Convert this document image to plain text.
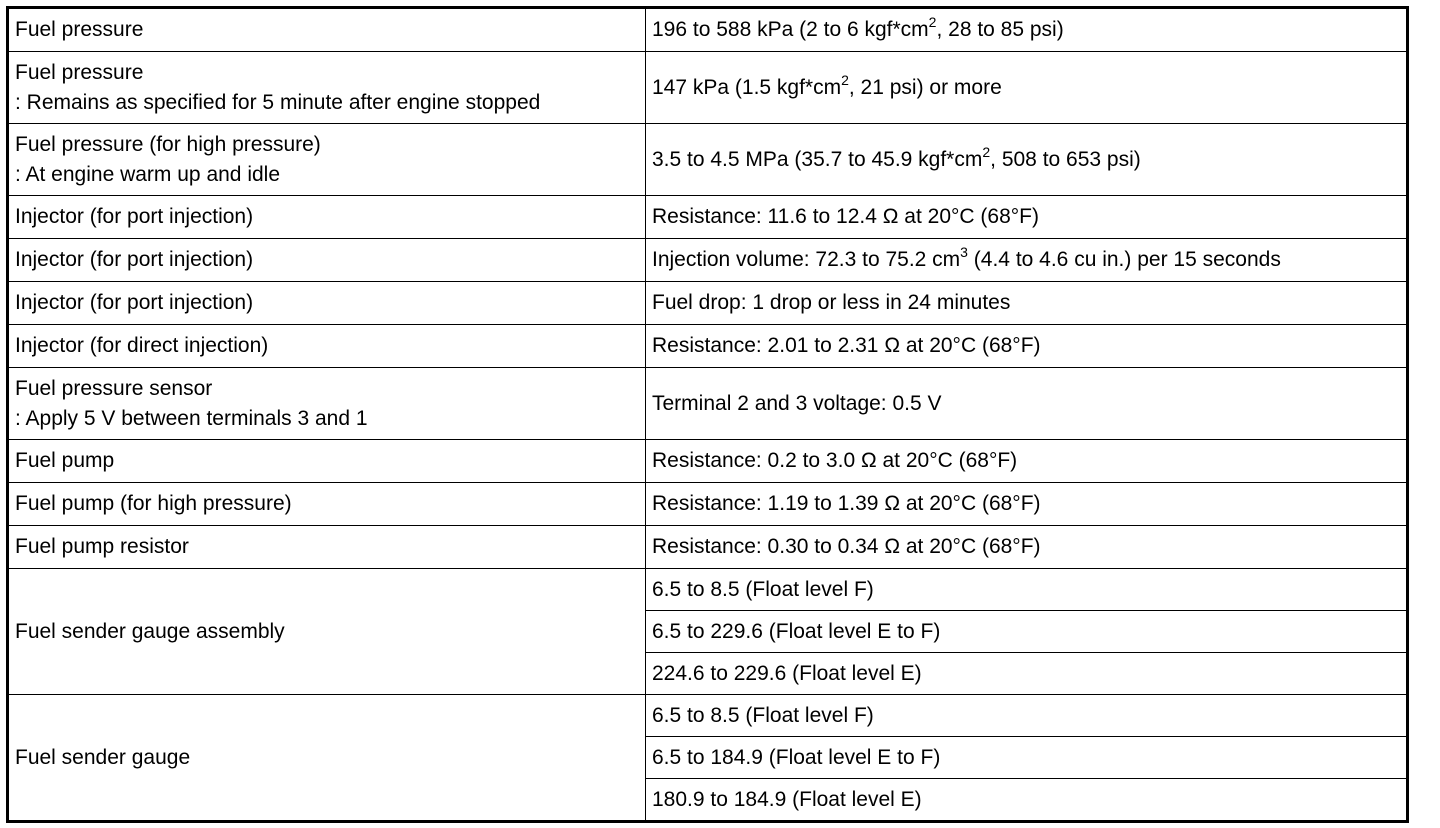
Fuel pressure	196 to 588 kPa (2 to 6 $kgf*cm^2$, 28 to 85 psi)

Fuel pressure
: Remains as specified for 5 minute after engine stopped	147 kPa (1.5 $kgf*cm^2$, 21 psi) or more

Fuel pressure (for high pressure)
: At engine warm up and idle	3.5 to 4.5 MPa (35.7 to 45.9 $kgf*cm^2$, 508 to 653 psi)
Injector (for port injection)	Resistance: 11.6 to 12.4 Ω at 20°C (68°F)
Injector (for port injection)	Injection volume: 72.3 to 75.2 $cm^3$ (4.4 to 4.6 cu in.) per 15 seconds
Injector (for port injection)	Fuel drop: 1 drop or less in 24 minutes
Injector (for direct injection)	Resistance: 2.01 to 2.31 Ω at 20°C (68°F)

Fuel pressure sensor
: Apply 5 V between terminals 3 and 1	Terminal 2 and 3 voltage: 0.5 V
Fuel pump	Resistance: 0.2 to 3.0 Ω at 20°C (68°F)
Fuel pump (for high pressure)	Resistance: 1.19 to 1.39 Ω at 20°C (68°F)
Fuel pump resistor	Resistance: 0.30 to 0.34 Ω at 20°C (68°F)
Fuel sender gauge assembly	6.5 to 8.5 (Float level F)
	6.5 to 229.6 (Float level E to F)
	224.6 to 229.6 (Float level E)
Fuel sender gauge	6.5 to 8.5 (Float level F)
	6.5 to 184.9 (Float level E to F)
	180.9 to 184.9 (Float level E)
